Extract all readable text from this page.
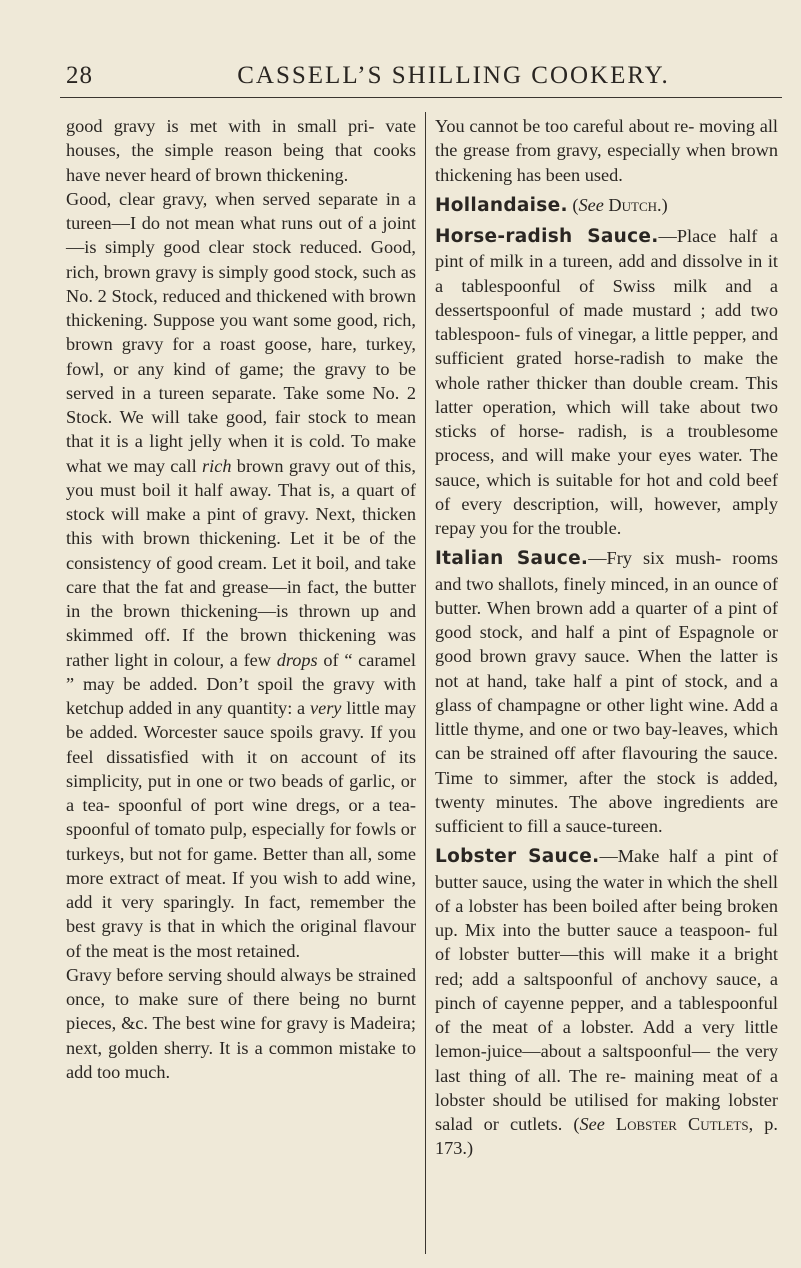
28	CASSELL’S SHILLING COOKERY.

good gravy is met with in small pri- vate houses, the simple reason being that cooks have never heard of brown thickening.

Good, clear gravy, when served separate in a tureen—I do not mean what runs out of a joint—is simply good clear stock reduced. Good, rich, brown gravy is simply good stock, such as No. 2 Stock, reduced and thickened with brown thickening. Suppose you want some good, rich, brown gravy for a roast goose, hare, turkey, fowl, or any kind of game; the gravy to be served in a tureen separate. Take some No. 2 Stock. We will take good, fair stock to mean that it is a light jelly when it is cold. To make what we may call rich brown gravy out of this, you must boil it half away. That is, a quart of stock will make a pint of gravy. Next, thicken this with brown thickening. Let it be of the consistency of good cream. Let it boil, and take care that the fat and grease—in fact, the butter in the brown thickening—is thrown up and skimmed off. If the brown thickening was rather light in colour, a few drops of “ caramel ” may be added. Don’t spoil the gravy with ketchup added in any quantity: a very little may be added. Worcester sauce spoils gravy. If you feel dissatisfied with it on account of its simplicity, put in one or two beads of garlic, or a tea- spoonful of port wine dregs, or a tea- spoonful of tomato pulp, especially for fowls or turkeys, but not for game. Better than all, some more extract of meat. If you wish to add wine, add it very sparingly. In fact, remember the best gravy is that in which the original flavour of the meat is the most retained.

Gravy before serving should always be strained once, to make sure of there being no burnt pieces, &c. The best wine for gravy is Madeira; next, golden sherry. It is a common mistake to add too much.

You cannot be too careful about re- moving all the grease from gravy, especially when brown thickening has been used.

Hollandaise. (See Dutch.)

Horse-radish Sauce.—Place half a pint of milk in a tureen, add and dissolve in it a tablespoonful of Swiss milk and a dessertspoonful of made mustard ; add two tablespoon- fuls of vinegar, a little pepper, and sufficient grated horse-radish to make the whole rather thicker than double cream. This latter operation, which will take about two sticks of horse- radish, is a troublesome process, and will make your eyes water. The sauce, which is suitable for hot and cold beef of every description, will, however, amply repay you for the trouble.

Italian Sauce.—Fry six mush- rooms and two shallots, finely minced, in an ounce of butter. When brown add a quarter of a pint of good stock, and half a pint of Espagnole or good brown gravy sauce. When the latter is not at hand, take half a pint of stock, and a glass of champagne or other light wine. Add a little thyme, and one or two bay-leaves, which can be strained off after flavouring the sauce. Time to simmer, after the stock is added, twenty minutes. The above ingredients are sufficient to fill a sauce-tureen.

Lobster Sauce.—Make half a pint of butter sauce, using the water in which the shell of a lobster has been boiled after being broken up. Mix into the butter sauce a teaspoon- ful of lobster butter—this will make it a bright red; add a saltspoonful of anchovy sauce, a pinch of cayenne pepper, and a tablespoonful of the meat of a lobster. Add a very little lemon-juice—about a saltspoonful— the very last thing of all. The re- maining meat of a lobster should be utilised for making lobster salad or cutlets. (See Lobster Cutlets, p. 173.)
